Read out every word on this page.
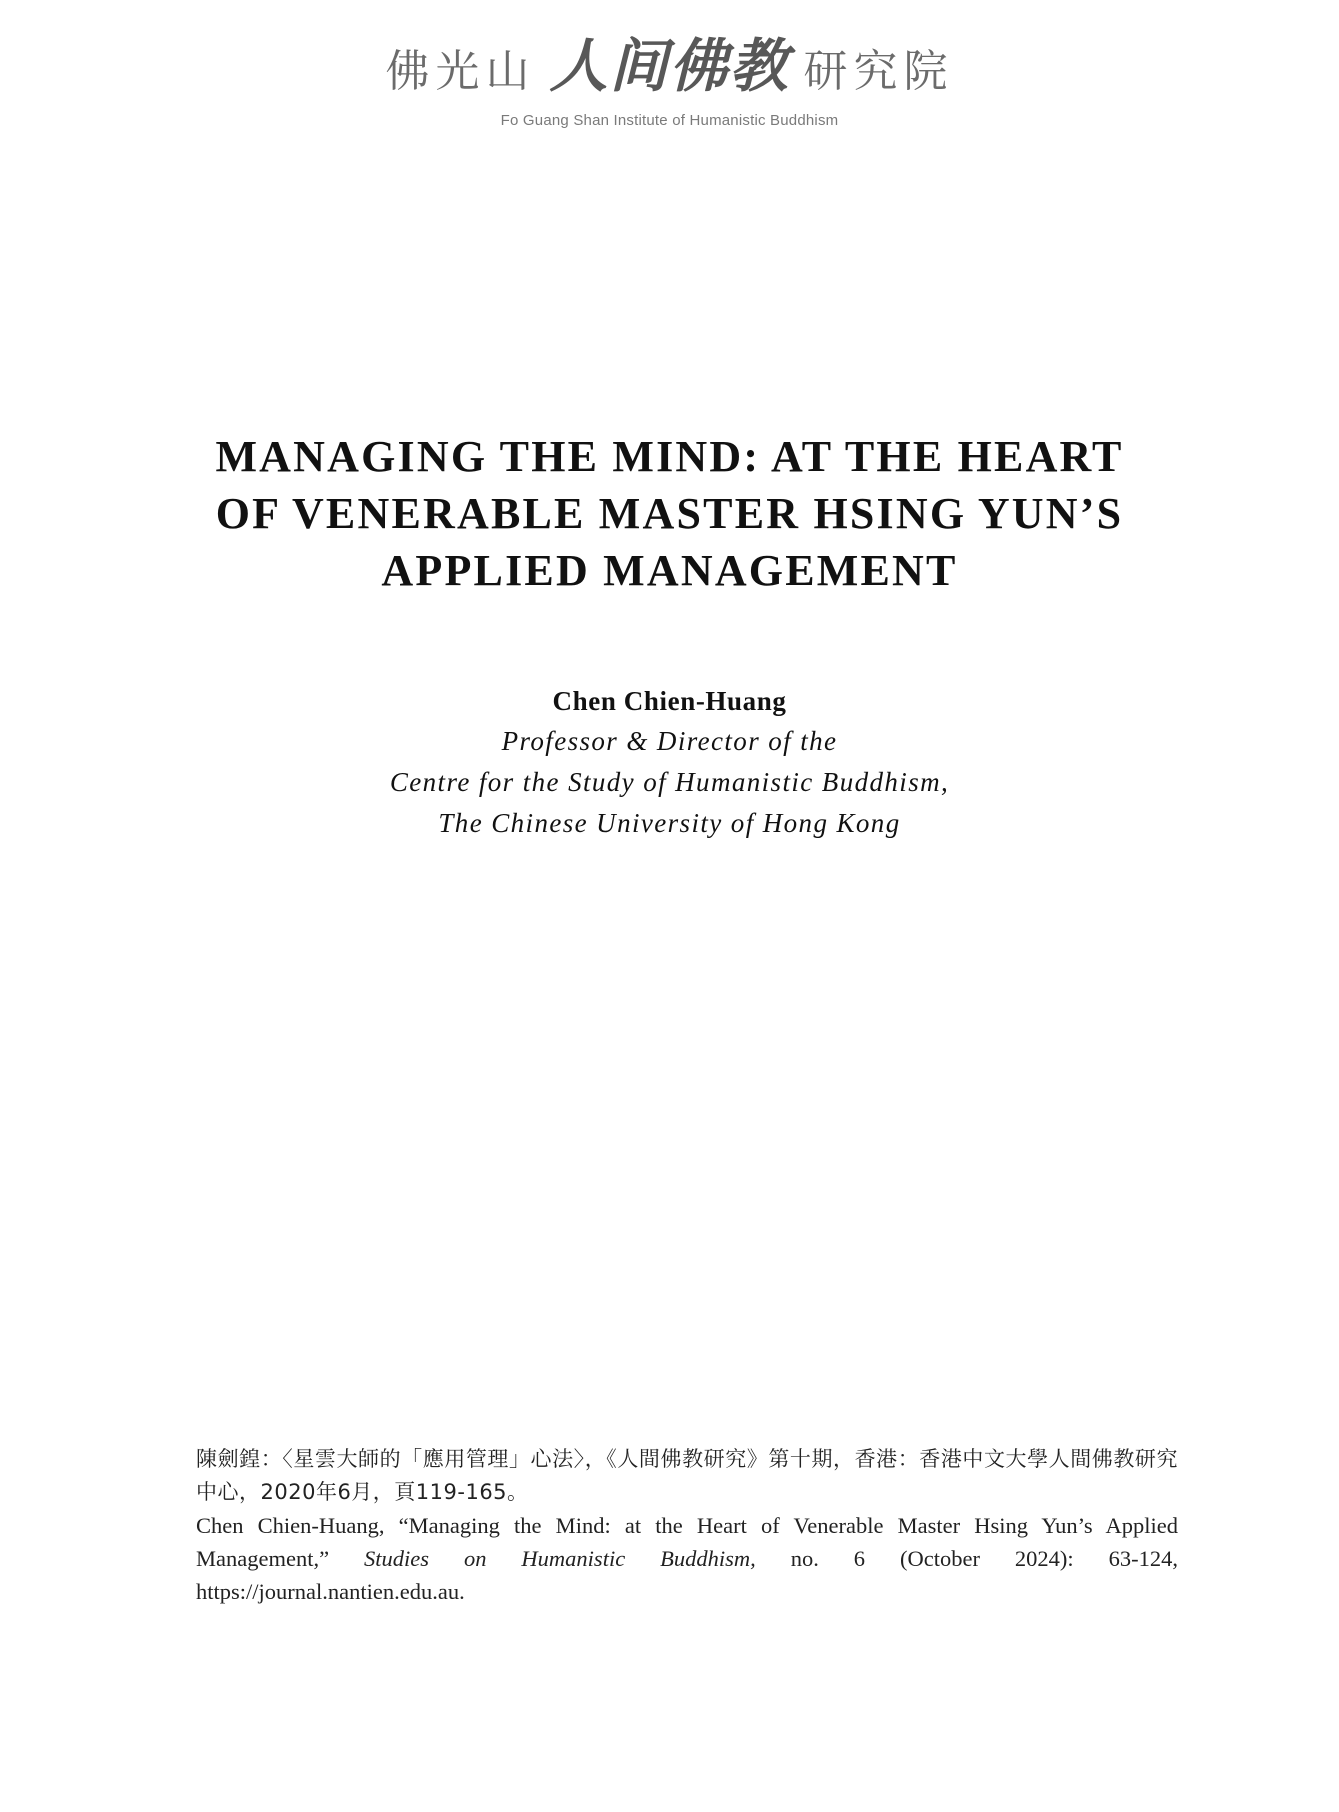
佛光山 人间佛教 研究院
Fo Guang Shan Institute of Humanistic Buddhism
MANAGING THE MIND: AT THE HEART
OF VENERABLE MASTER HSING YUN’S
APPLIED MANAGEMENT
Chen Chien-Huang
Professor & Director of the
Centre for the Study of Humanistic Buddhism,
The Chinese University of Hong Kong
陳劍鍠：〈星雲大師的「應用管理」心法〉，《人間佛教研究》第十期，香港：香港中文大學人間佛教研究中心，2020年6月，頁119-165。
Chen Chien-Huang, “Managing the Mind: at the Heart of Venerable Master Hsing Yun’s Applied Management,” Studies on Humanistic Buddhism, no. 6 (October 2024): 63-124, https://journal.nantien.edu.au.
